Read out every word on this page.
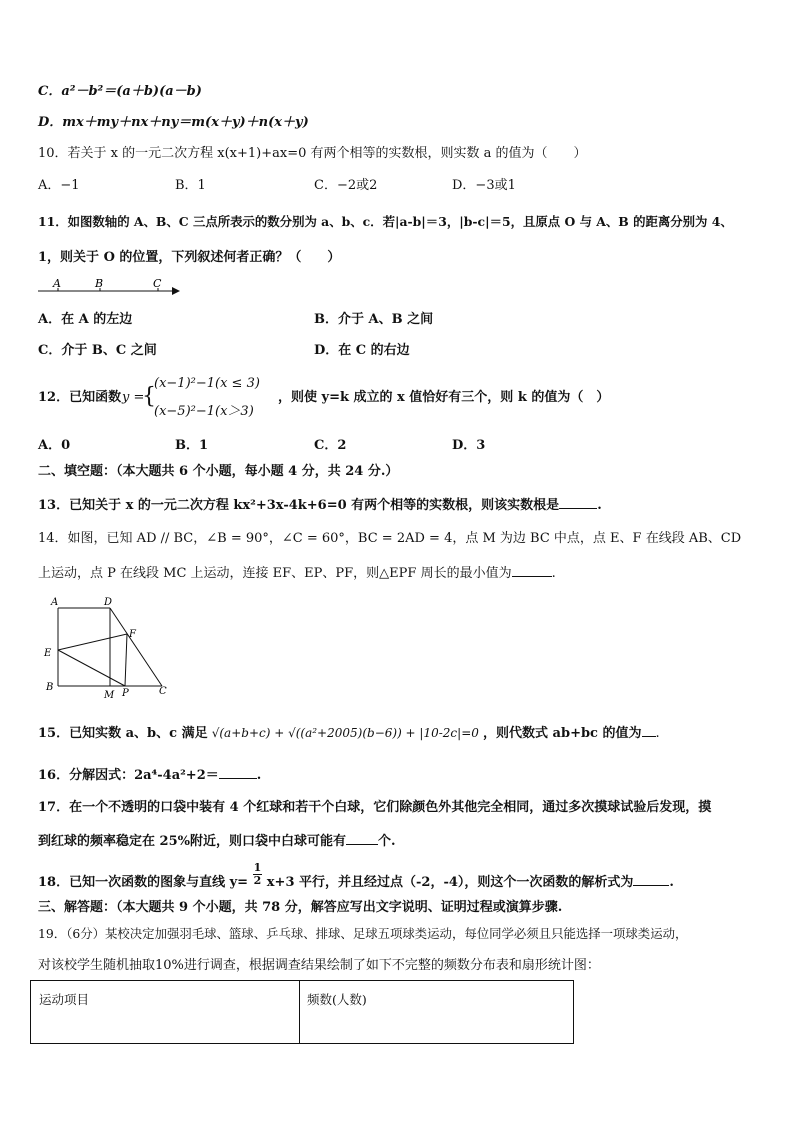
C．a²－b²＝(a＋b)(a－b)
D．mx＋my＋nx＋ny＝m(x＋y)＋n(x＋y)
10．若关于 x 的一元二次方程 x(x+1)+ax=0 有两个相等的实数根，则实数 a 的值为（　　）
A．−1	B．1	C．−2或2	D．−3或1
11．如图数轴的 A、B、C 三点所表示的数分别为 a、b、c．若|a-b|＝3，|b-c|＝5，且原点 O 与 A、B 的距离分别为 4、
1，则关于 O 的位置，下列叙述何者正确？（　　）
A	B	C
A．在 A 的左边	B．介于 A、B 之间
C．介于 B、C 之间	D．在 C 的右边
12．已知函数 y =
{
(x−1)²−1(x ≤ 3)
(x−5)²−1(x＞3)
，则使 y=k 成立的 x 值恰好有三个，则 k 的值为（　）
A．0	B．1	C．2	D．3
二、填空题：（本大题共 6 个小题，每小题 4 分，共 24 分.）
13．已知关于 x 的一元二次方程 kx²+3x-4k+6=0 有两个相等的实数根，则该实数根是	.
14．如图，已知 AD // BC，∠B = 90°，∠C = 60°，BC = 2AD = 4，点 M 为边 BC 中点，点 E、F 在线段 AB、CD
上运动，点 P 在线段 MC 上运动，连接 EF、EP、PF，则△EPF 周长的最小值为	.
A	D
F
E
B
M P	C
15．已知实数 a、b、c 满足 √(a+b+c) + √((a²+2005)(b−6)) + |10-2c|=0 ，则代数式 ab+bc 的值为 .
16．分解因式：2a⁴-4a²+2＝	.
17．在一个不透明的口袋中装有 4 个红球和若干个白球，它们除颜色外其他完全相同，通过多次摸球试验后发现，摸
到红球的频率稳定在 25%附近，则口袋中白球可能有 个.
18．已知一次函数的图象与直线 $y= \frac{1}{2} x+3$ 平行，并且经过点（-2，-4），则这个一次函数的解析式为	.
三、解答题：（本大题共 9 个小题，共 78 分，解答应写出文字说明、证明过程或演算步骤.
19．（6分）某校决定加强羽毛球、篮球、乒乓球、排球、足球五项球类运动，每位同学必须且只能选择一项球类运动，
对该校学生随机抽取10%进行调查，根据调查结果绘制了如下不完整的频数分布表和扇形统计图：
运动项目	频数(人数)
